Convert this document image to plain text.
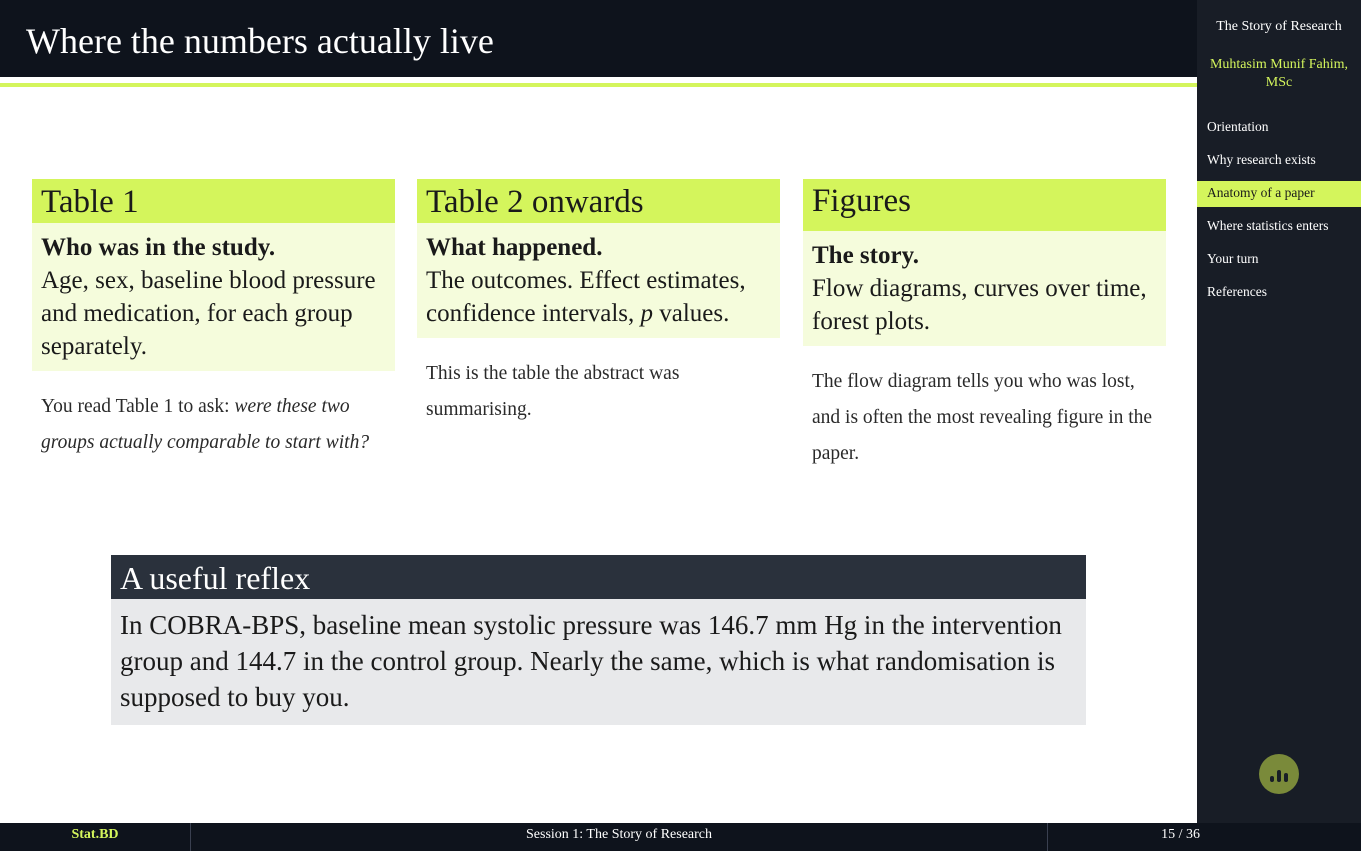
Where the numbers actually live
Table 1
Who was in the study.
Age, sex, baseline blood pressure and medication, for each group separately.
You read Table 1 to ask: were these two groups actually comparable to start with?
Table 2 onwards
What happened.
The outcomes. Effect estimates, confidence intervals, p values.
This is the table the abstract was summarising.
Figures
The story.
Flow diagrams, curves over time, forest plots.
The flow diagram tells you who was lost, and is often the most revealing figure in the paper.
A useful reflex
In COBRA-BPS, baseline mean systolic pressure was 146.7 mm Hg in the intervention group and 144.7 in the control group. Nearly the same, which is what randomisation is supposed to buy you.
The Story of Research
Muhtasim Munif Fahim, MSc
Orientation
Why research exists
Anatomy of a paper
Where statistics enters
Your turn
References
Stat.BD	Session 1: The Story of Research	15 / 36
